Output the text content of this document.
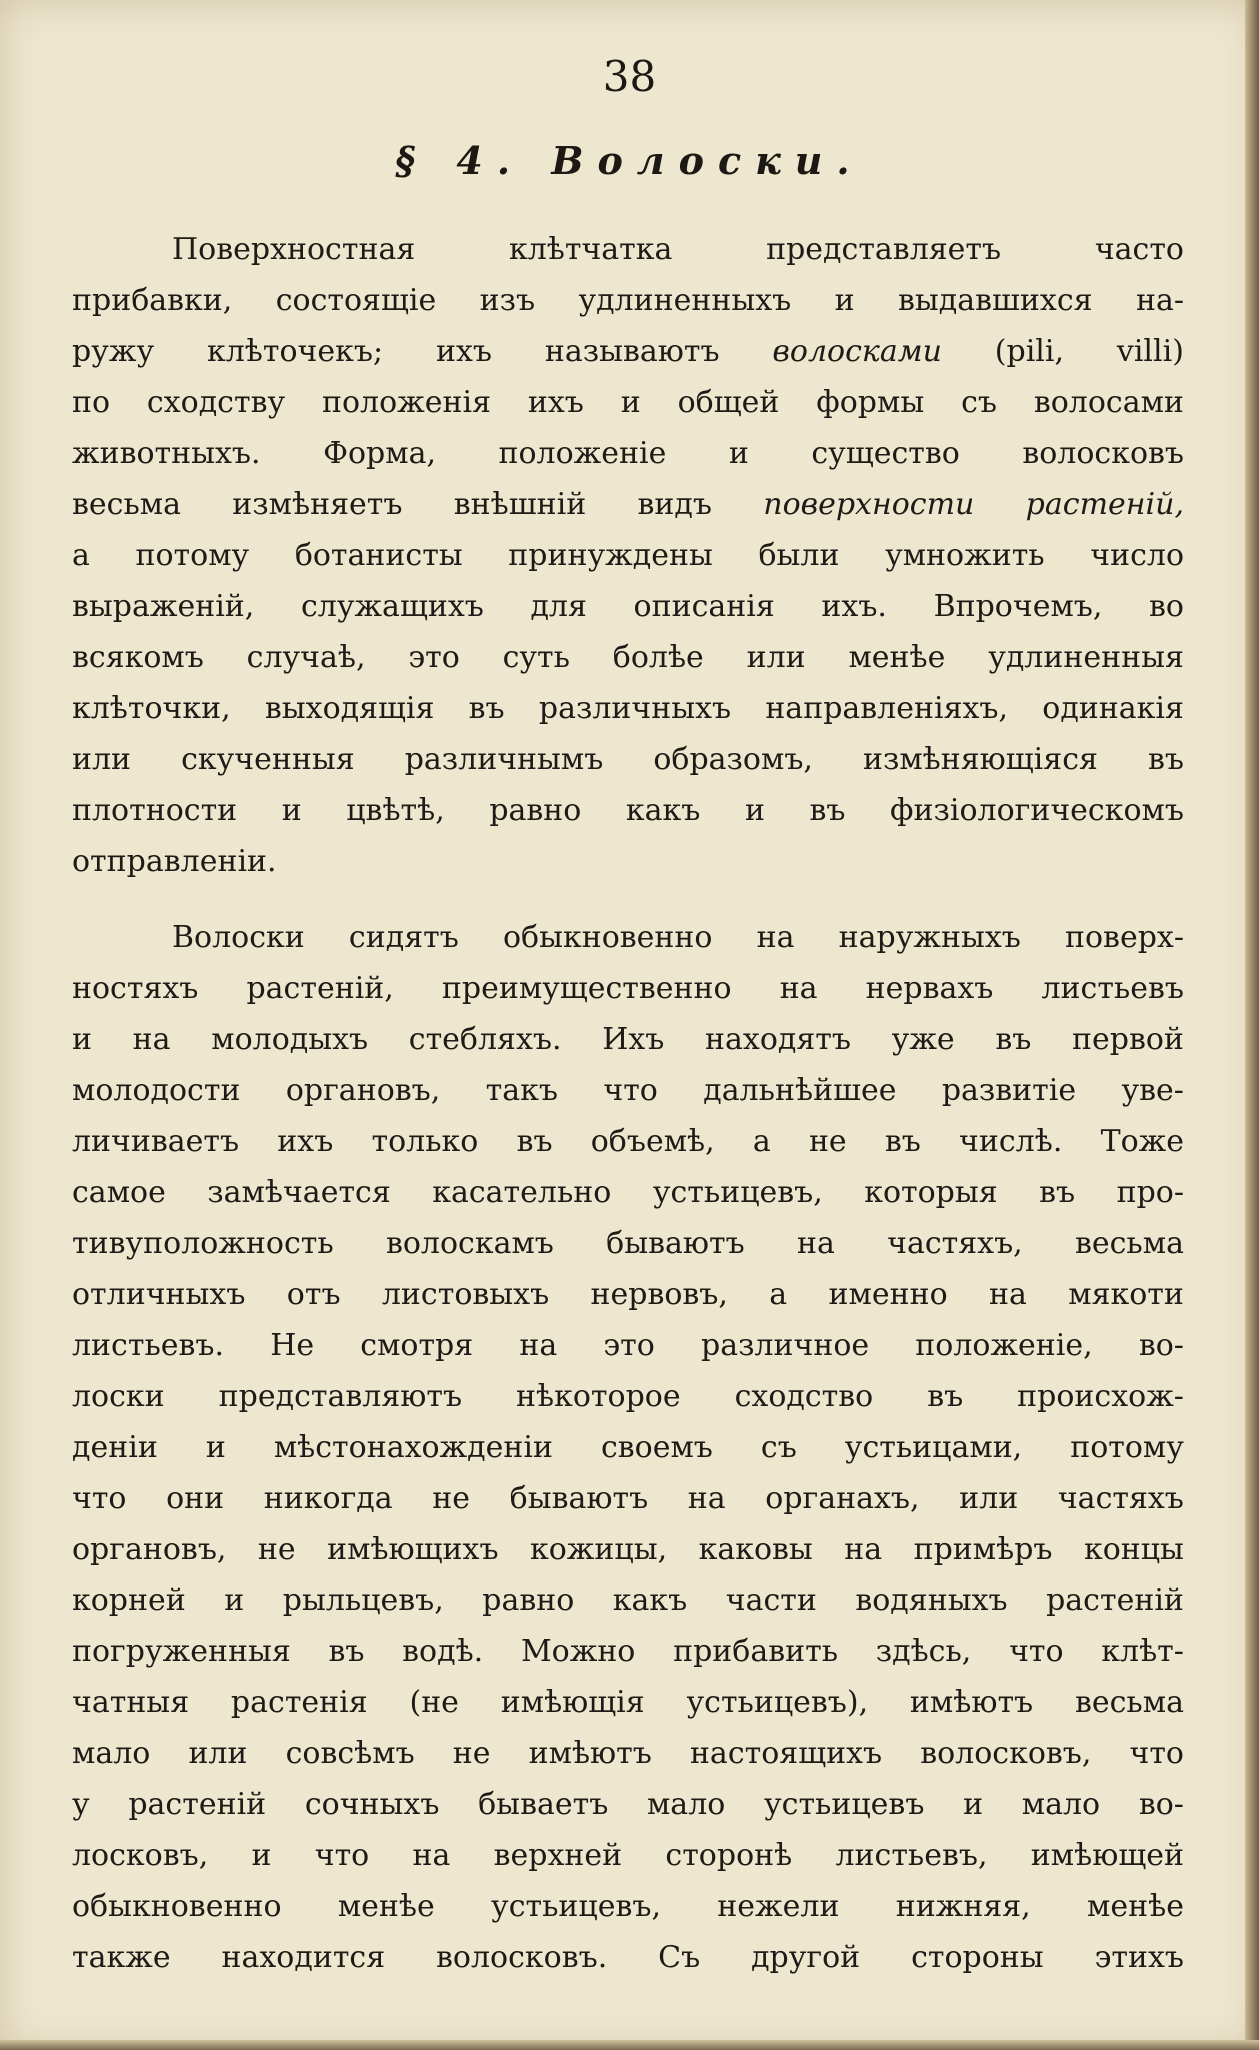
38
§ 4. Волоски.
Поверхностная	клѣтчатка	представляетъ	часто
прибавки, состоящіе изъ удлиненныхъ и выдавшихся на-
ружу клѣточекъ; ихъ называютъ волосками (pili, villi)
по сходству положенія ихъ и общей формы съ волосами
животныхъ. Форма, положеніе и существо волосковъ
весьма измѣняетъ внѣшній видъ поверхности растеній,
а потому ботанисты принуждены были умножить число
выраженій, служащихъ для описанія ихъ. Впрочемъ, во
всякомъ случаѣ, это суть болѣе или менѣе удлиненныя
клѣточки, выходящія въ различныхъ направленіяхъ, одинакія
или скученныя различнымъ образомъ, измѣняющіяся въ
плотности и цвѣтѣ, равно какъ и въ физіологическомъ
отправленіи.
Волоски сидятъ обыкновенно на наружныхъ поверх-
ностяхъ растеній, преимущественно на нервахъ листьевъ
и на молодыхъ стебляхъ. Ихъ находятъ уже въ первой
молодости органовъ, такъ что дальнѣйшее развитіе уве-
личиваетъ ихъ только въ объемѣ, а не въ числѣ. Тоже
самое замѣчается касательно устьицевъ, которыя въ про-
тивуположность волоскамъ бываютъ на частяхъ, весьма
отличныхъ отъ листовыхъ нервовъ, а именно на мякоти
листьевъ. Не смотря на это различное положеніе, во-
лоски представляютъ нѣкоторое сходство въ происхож-
деніи и мѣстонахожденіи своемъ съ устьицами, потому
что они никогда не бываютъ на органахъ, или частяхъ
органовъ, не имѣющихъ кожицы, каковы на примѣръ концы
корней и рыльцевъ, равно какъ части водяныхъ растеній
погруженныя въ водѣ. Можно прибавить здѣсь, что клѣт-
чатныя растенія (не имѣющія устьицевъ), имѣютъ весьма
мало или совсѣмъ не имѣютъ настоящихъ волосковъ, что
у растеній сочныхъ бываетъ мало устьицевъ и мало во-
лосковъ, и что на верхней сторонѣ листьевъ, имѣющей
обыкновенно менѣе устьицевъ, нежели нижняя, менѣе
также находится волосковъ. Съ другой стороны этихъ
